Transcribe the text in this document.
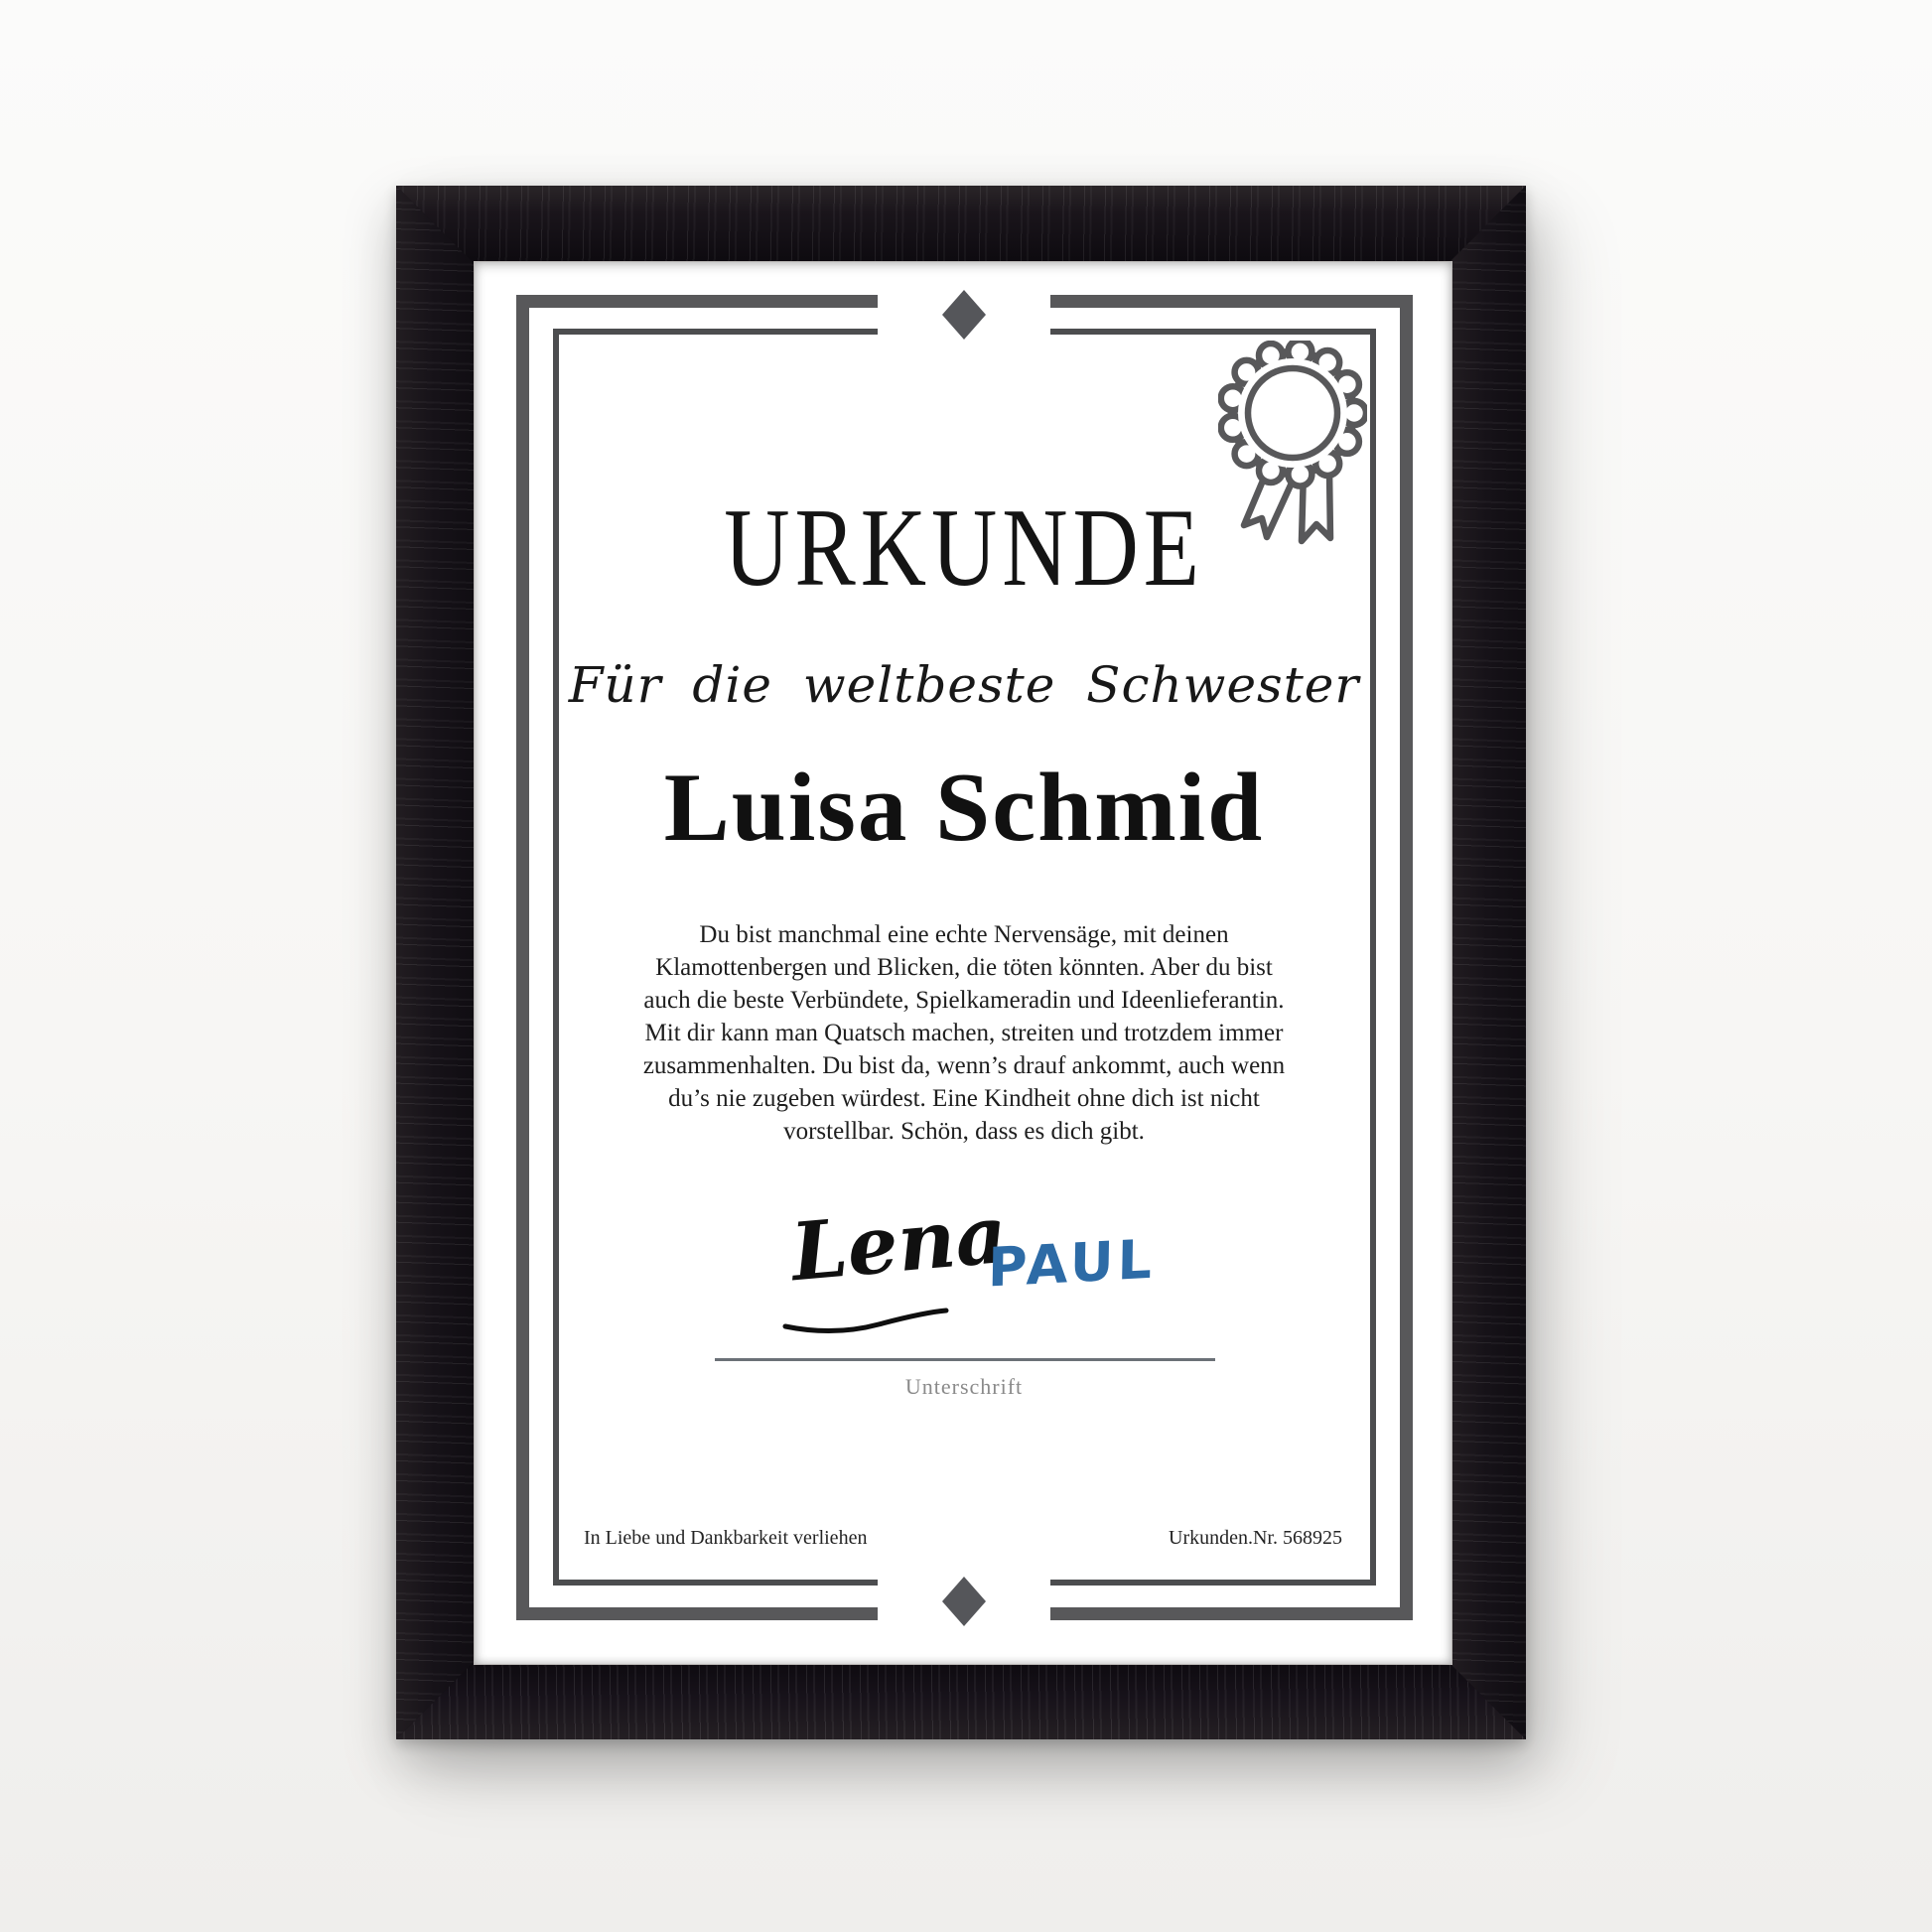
URKUNDE
Für die weltbeste Schwester
Luisa Schmid
Du bist manchmal eine echte Nervensäge, mit deinen
Klamottenbergen und Blicken, die töten könnten. Aber du bist
auch die beste Verbündete, Spielkameradin und Ideenlieferantin.
Mit dir kann man Quatsch machen, streiten und trotzdem immer
zusammenhalten. Du bist da, wenn’s drauf ankommt, auch wenn
du’s nie zugeben würdest. Eine Kindheit ohne dich ist nicht
vorstellbar. Schön, dass es dich gibt.
Lena
PAUL
Unterschrift
In Liebe und Dankbarkeit verliehen	Urkunden.Nr. 568925
